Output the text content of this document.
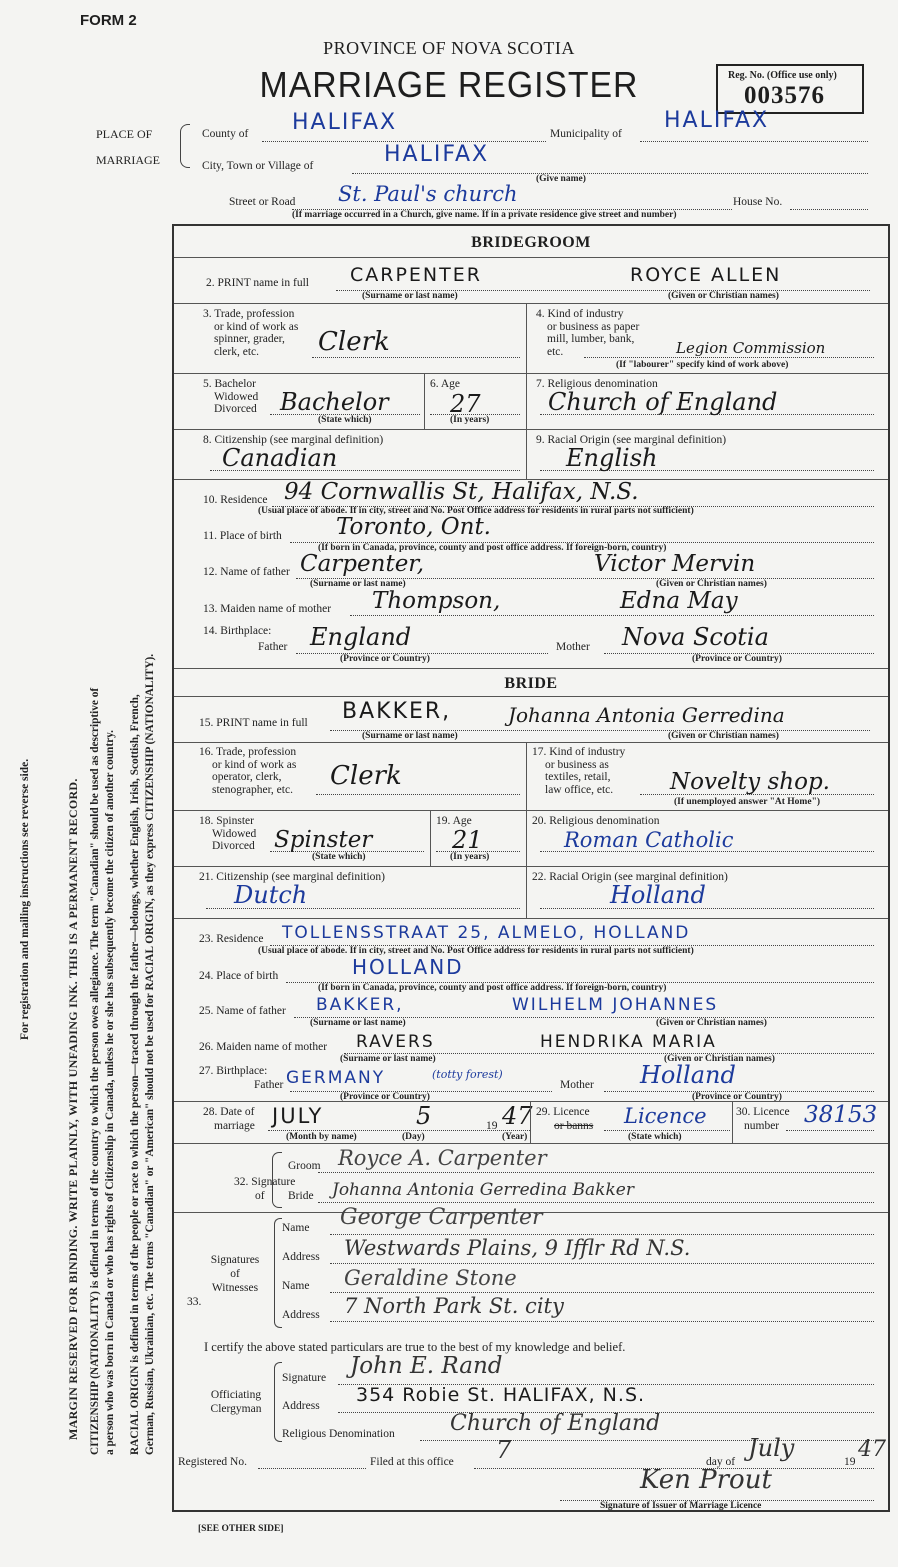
FORM 2
PROVINCE OF NOVA SCOTIA
MARRIAGE REGISTER	Reg. No. (Office use only)
003576
PLACE OF
MARRIAGE
County of HALIFAX	Municipality of
HALIFAX
City, Town or Village of	HALIFAX
(Give name)
Street or Road St. Paul's church	House No.
(If marriage occurred in a Church, give name. If in a private residence give street and number)
For registration and mailing instructions see reverse side.	MARGIN RESERVED FOR BINDING. WRITE PLAINLY, WITH UNFADING INK. THIS IS A PERMANENT RECORD. CITIZENSHIP (NATIONALITY) is defined in terms of the country to which the person owes allegiance. The term "Canadian" should be used as descriptive of a person who was born in Canada or who has rights of Citizenship in Canada, unless he or she has subsequently become the citizen of another country. RACIAL ORIGIN is defined in terms of the people or race to which the person—traced through the father—belongs, whether English, Irish, Scottish, French, German, Russian, Ukrainian, etc. The terms "Canadian" or "American" should not be used for RACIAL ORIGIN, as they express CITIZENSHIP (NATIONALITY).
BRIDEGROOM
2. PRINT name in full CARPENTER	ROYCE ALLEN
(Surname or last name)	(Given or Christian names)
3. Trade, profession
or kind of work as
spinner, grader,
clerk, etc.	Clerk
4. Kind of industry
or business as paper
mill, lumber, bank,
etc.	Legion Commission
(If "labourer" specify kind of work above)
5. Bachelor
Widowed
Divorced Bachelor
(State which)
6. Age
27
(In years)
7. Religious denomination
Church of England
8. Citizenship (see marginal definition)
Canadian
9. Racial Origin (see marginal definition)
English
10. Residence 94 Cornwallis St, Halifax, N.S.
(Usual place of abode. If in city, street and No. Post Office address for residents in rural parts not sufficient)
11. Place of birth Toronto, Ont.
(If born in Canada, province, county and post office address. If foreign-born, country)
12. Name of father Carpenter,	Victor Mervin
(Surname or last name)	(Given or Christian names)
13. Maiden name of mother Thompson,	Edna May
14. Birthplace:
Father England	Mother Nova Scotia
(Province or Country)	(Province or Country)
BRIDE
15. PRINT name in full BAKKER,	Johanna Antonia Gerredina
(Surname or last name)	(Given or Christian names)
16. Trade, profession
or kind of work as
operator, clerk,
stenographer, etc.	Clerk
17. Kind of industry
or business as
textiles, retail,
law office, etc.	Novelty shop.
(If unemployed answer "At Home")
18. Spinster
Widowed
Divorced Spinster
(State which)
19. Age
21
(In years)
20. Religious denomination
Roman Catholic
21. Citizenship (see marginal definition)
Dutch
22. Racial Origin (see marginal definition)
Holland
23. Residence TOLLENSSTRAAT 25, ALMELO, HOLLAND
(Usual place of abode. If in city, street and No. Post Office address for residents in rural parts not sufficient)
24. Place of birth	HOLLAND
(If born in Canada, province, county and post office address. If foreign-born, country)
25. Name of father BAKKER,	WILHELM JOHANNES
(Surname or last name)	(Given or Christian names)
26. Maiden name of mother RAVERS	HENDRIKA MARIA
(Surname or last name)	(Given or Christian names)
27. Birthplace:
Father GERMANY	(totty forest)
Mother Holland
(Province or Country)	(Province or Country)
28. Date of
marriage JULY	5	19 47
(Month by name)	(Day)	(Year)
29. Licence
or banns Licence
(State which)
30. Licence
number 38153
32. Signature
of
Groom Royce A. Carpenter
Bride Johanna Antonia Gerredina Bakker
33.
Signatures
of
Witnesses
Name George Carpenter
Address Westwards Plains, 9 Ifflr Rd N.S.
Name Geraldine Stone
Address 7 North Park St. city
I certify the above stated particulars are true to the best of my knowledge and belief.
Officiating
Clergyman
Signature John E. Rand
Address 354 Robie St. HALIFAX, N.S.
Religious Denomination	Church of England
Registered No.	Filed at this office 7	day of July	19 47
Ken Prout
Signature of Issuer of Marriage Licence
[SEE OTHER SIDE]
